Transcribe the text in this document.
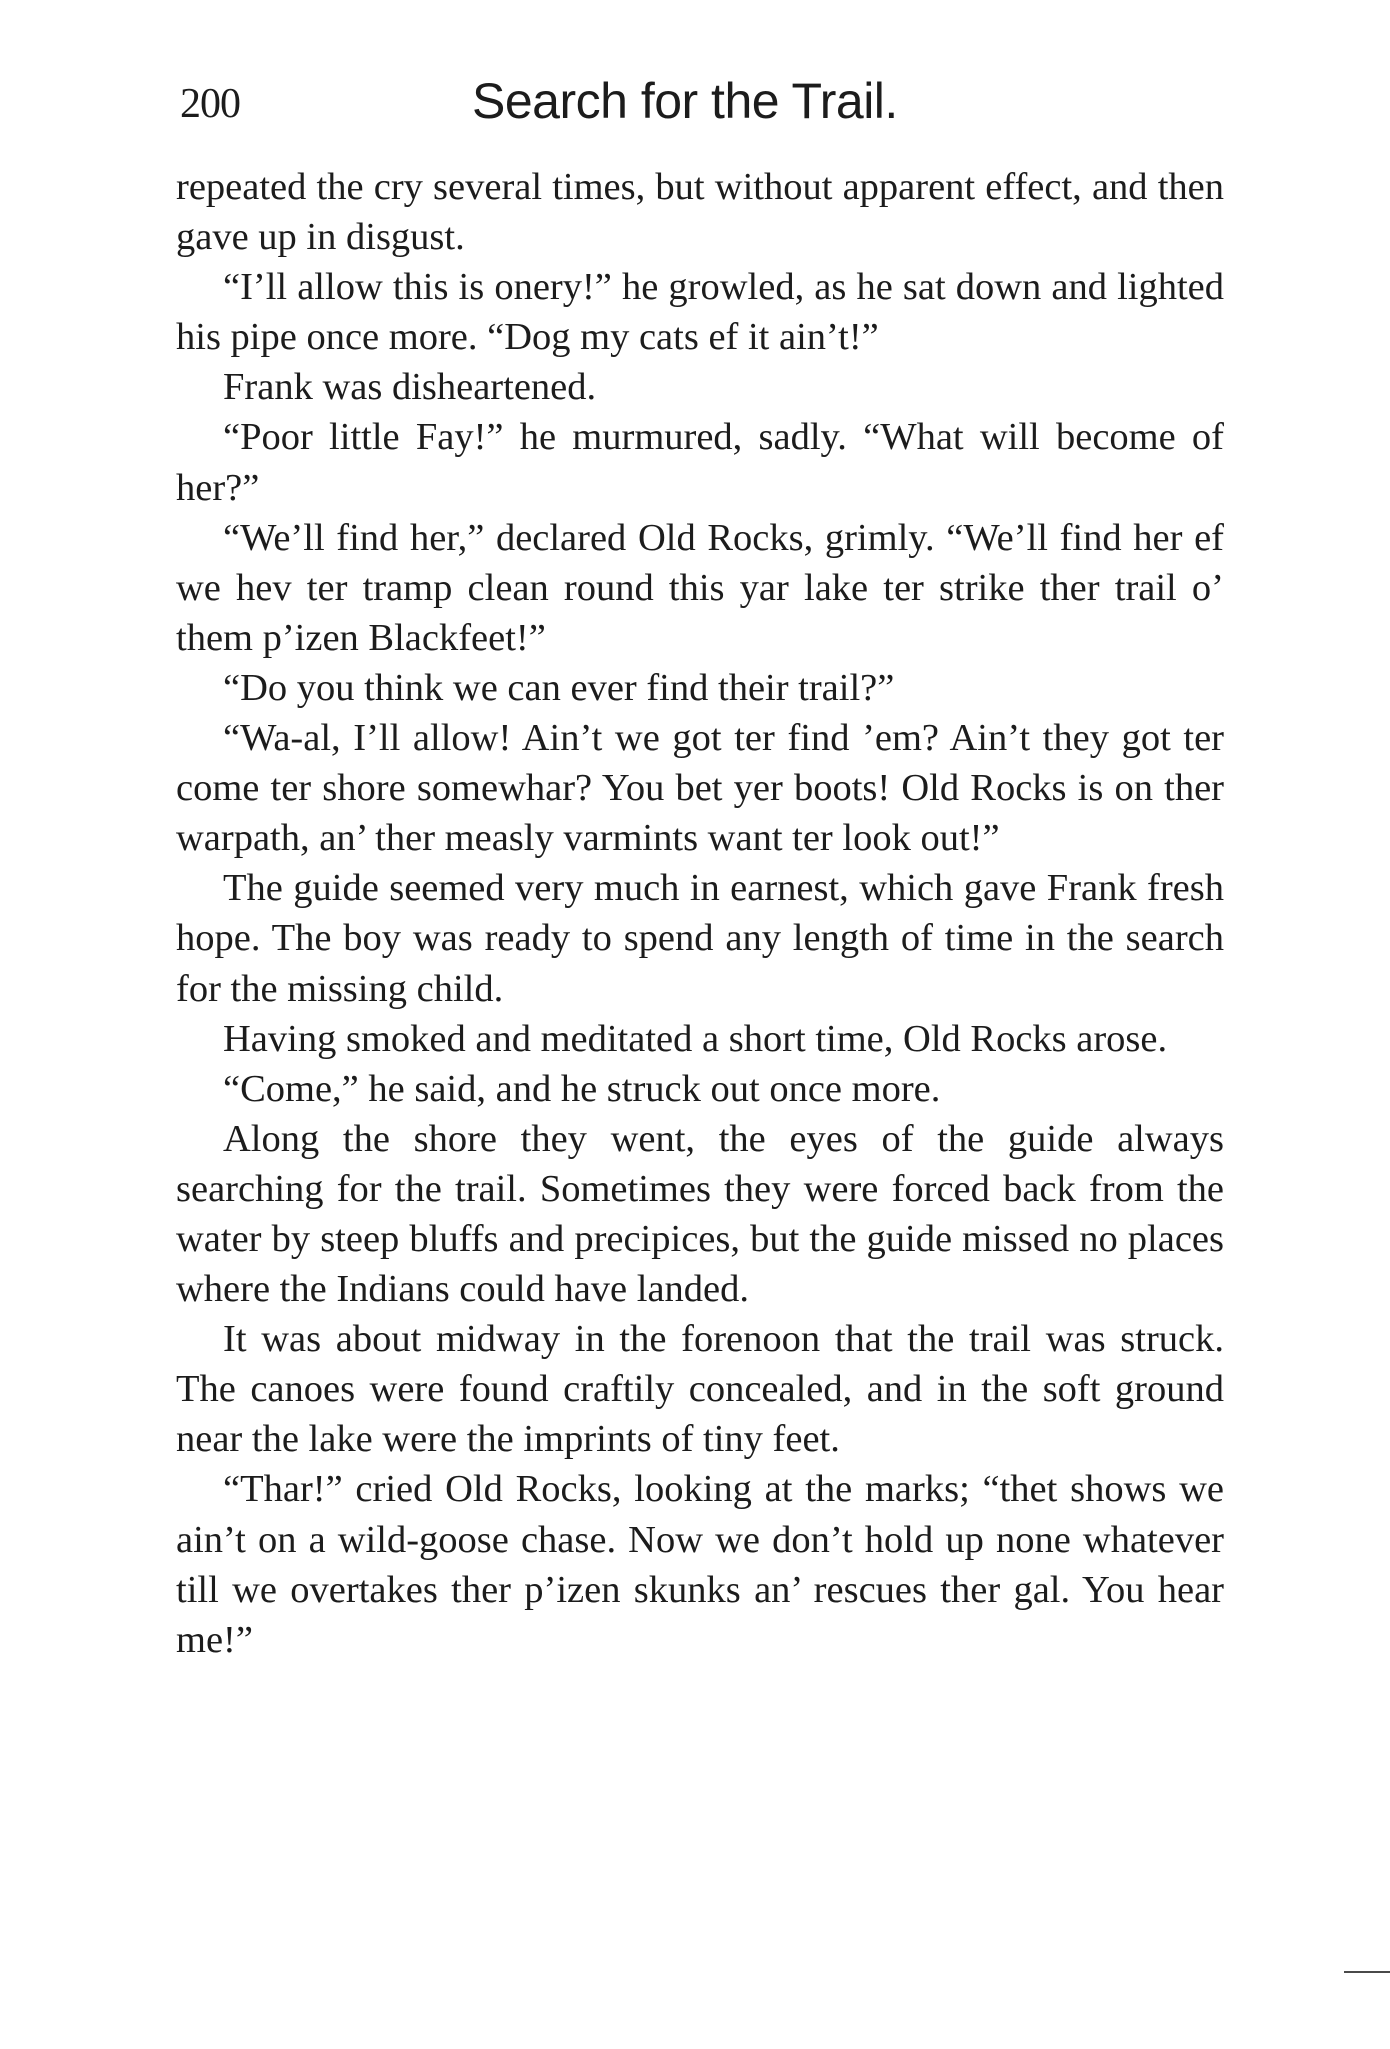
200	Search for the Trail.

repeated the cry several times, but without apparent effect, and then gave up in disgust.

“I’ll allow this is onery!” he growled, as he sat down and lighted his pipe once more. “Dog my cats ef it ain’t!”

Frank was disheartened.

“Poor little Fay!” he murmured, sadly. “What will become of her?”

“We’ll find her,” declared Old Rocks, grimly. “We’ll find her ef we hev ter tramp clean round this yar lake ter strike ther trail o’ them p’izen Blackfeet!”

“Do you think we can ever find their trail?”

“Wa-al, I’ll allow! Ain’t we got ter find ’em? Ain’t they got ter come ter shore somewhar? You bet yer boots! Old Rocks is on ther warpath, an’ ther measly varmints want ter look out!”

The guide seemed very much in earnest, which gave Frank fresh hope. The boy was ready to spend any length of time in the search for the missing child.

Having smoked and meditated a short time, Old Rocks arose.

“Come,” he said, and he struck out once more.

Along the shore they went, the eyes of the guide always searching for the trail. Sometimes they were forced back from the water by steep bluffs and precipices, but the guide missed no places where the Indians could have landed.

It was about midway in the forenoon that the trail was struck. The canoes were found craftily concealed, and in the soft ground near the lake were the imprints of tiny feet.

“Thar!” cried Old Rocks, looking at the marks; “thet shows we ain’t on a wild-goose chase. Now we don’t hold up none whatever till we overtakes ther p’izen skunks an’ rescues ther gal. You hear me!”
